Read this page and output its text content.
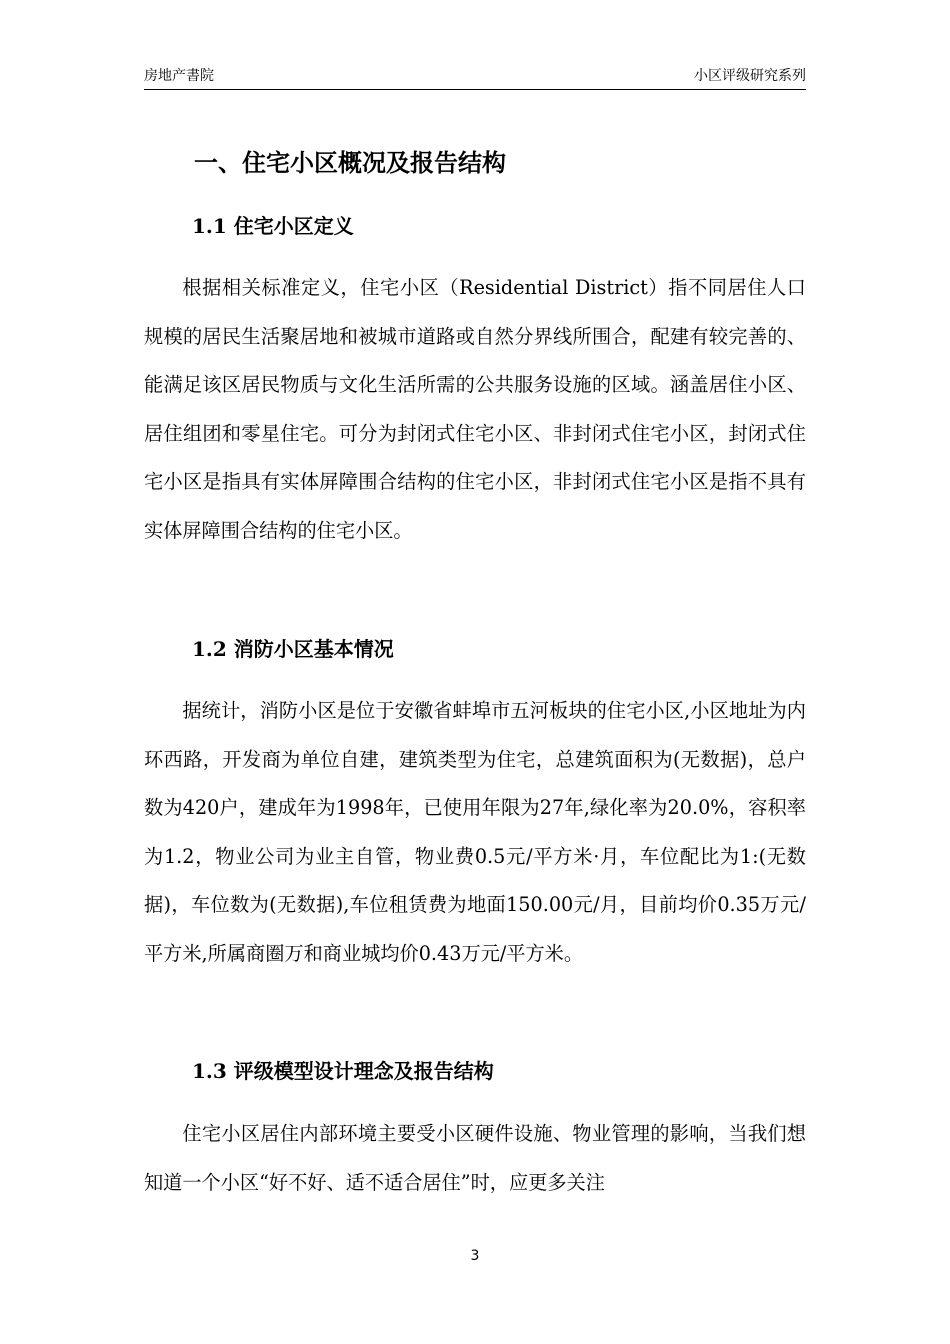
房地产書院	小区评级研究系列
一、住宅小区概况及报告结构
1.1 住宅小区定义

根据相关标准定义，住宅小区（Residential District）指不同居住人口规模的居民生活聚居地和被城市道路或自然分界线所围合，配建有较完善的、能满足该区居民物质与文化生活所需的公共服务设施的区域。涵盖居住小区、居住组团和零星住宅。可分为封闭式住宅小区、非封闭式住宅小区，封闭式住宅小区是指具有实体屏障围合结构的住宅小区，非封闭式住宅小区是指不具有实体屏障围合结构的住宅小区。

1.2 消防小区基本情况

据统计，消防小区是位于安徽省蚌埠市五河板块的住宅小区,小区地址为内环西路，开发商为单位自建，建筑类型为住宅，总建筑面积为(无数据)，总户数为420户，建成年为1998年，已使用年限为27年,绿化率为20.0%，容积率为1.2，物业公司为业主自管，物业费0.5元/平方米·月，车位配比为1:(无数据)，车位数为(无数据),车位租赁费为地面150.00元/月，目前均价0.35万元/平方米,所属商圈万和商业城均价0.43万元/平方米。

1.3 评级模型设计理念及报告结构

住宅小区居住内部环境主要受小区硬件设施、物业管理的影响，当我们想知道一个小区“好不好、适不适合居住”时，应更多关注

3
